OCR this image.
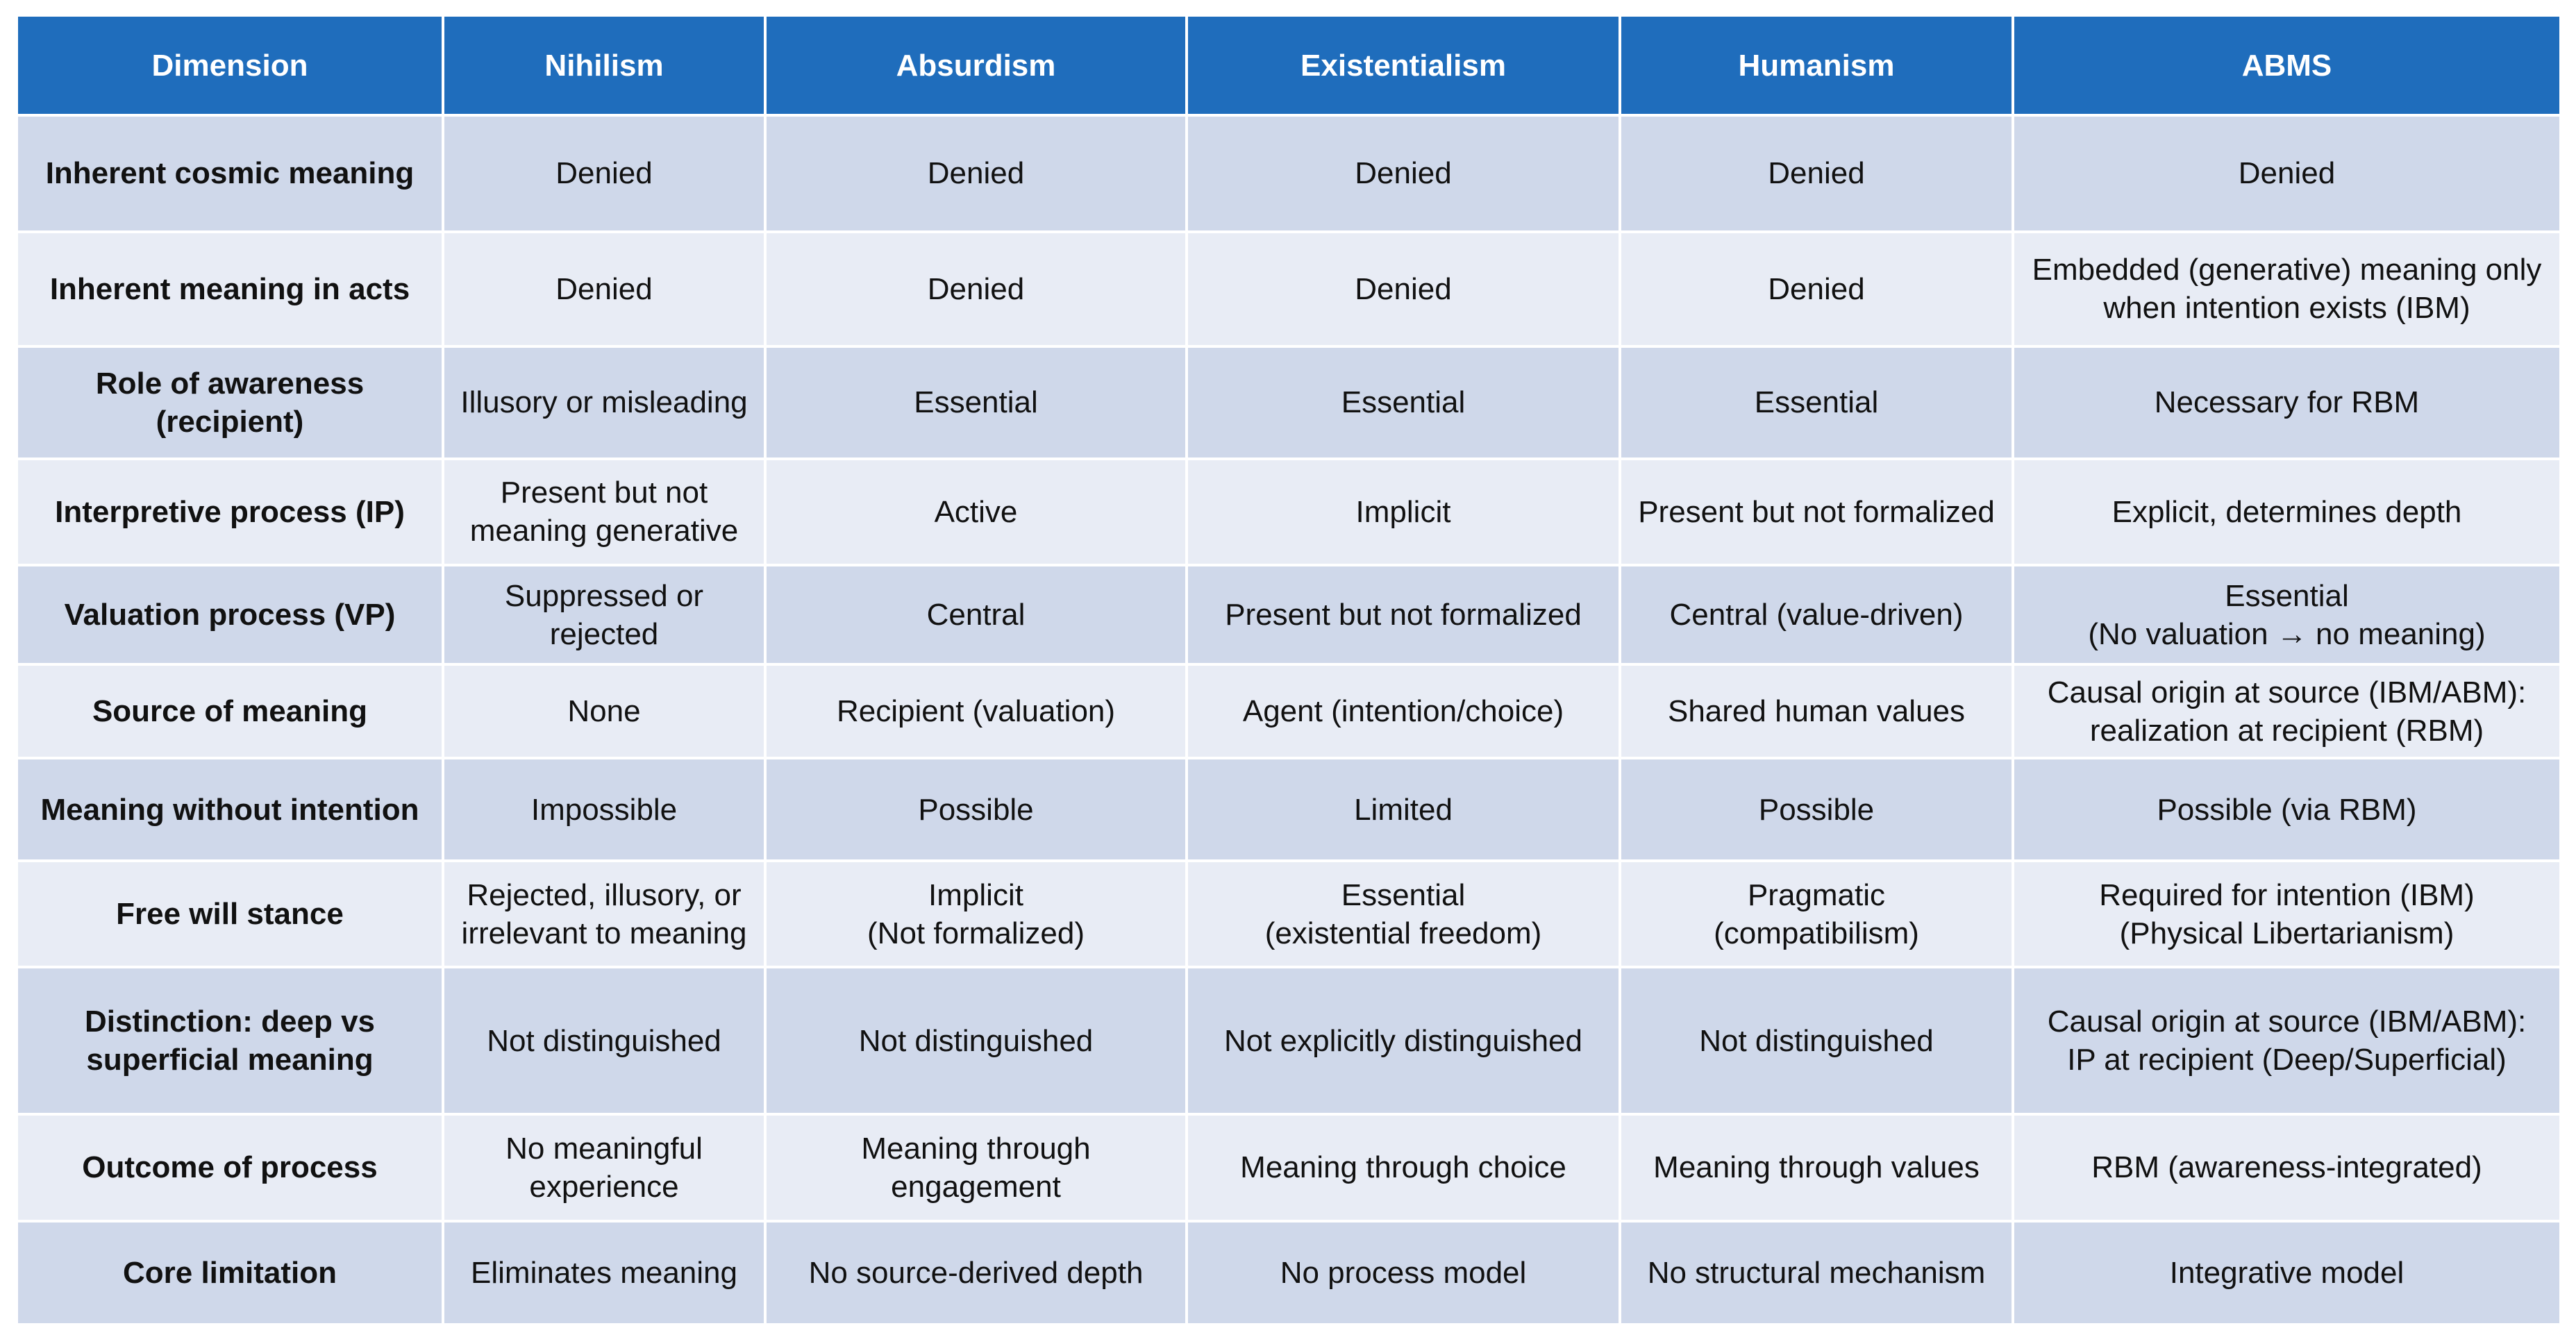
Dimension	Nihilism	Absurdism	Existentialism	Humanism	ABMS

Inherent cosmic meaning	Denied	Denied	Denied	Denied	Denied

Inherent meaning in acts	Denied	Denied	Denied	Denied	Embedded (generative) meaning only
when intention exists (IBM)

Role of awareness (recipient)	Illusory or misleading	Essential	Essential	Essential	Necessary for RBM

Interpretive process (IP)	Present but not
meaning generative	Active	Implicit	Present but not formalized	Explicit, determines depth

Valuation process (VP)	Suppressed or
rejected	Central	Present but not formalized	Central (value-driven)	Essential
(No valuation → no meaning)

Source of meaning	None	Recipient (valuation)	Agent (intention/choice)	Shared human values	Causal origin at source (IBM/ABM):
realization at recipient (RBM)

Meaning without intention	Impossible	Possible	Limited	Possible	Possible (via RBM)

Free will stance	Rejected, illusory, or
irrelevant to meaning	Implicit
(Not formalized)	Essential
(existential freedom)	Pragmatic
(compatibilism)	Required for intention (IBM)
(Physical Libertarianism)

Distinction: deep vs
superficial meaning	Not distinguished	Not distinguished	Not explicitly distinguished	Not distinguished	Causal origin at source (IBM/ABM):
IP at recipient (Deep/Superficial)

Outcome of process	No meaningful
experience	Meaning through
engagement	Meaning through choice	Meaning through values	RBM (awareness-integrated)

Core limitation	Eliminates meaning	No source-derived depth	No process model	No structural mechanism	Integrative model
